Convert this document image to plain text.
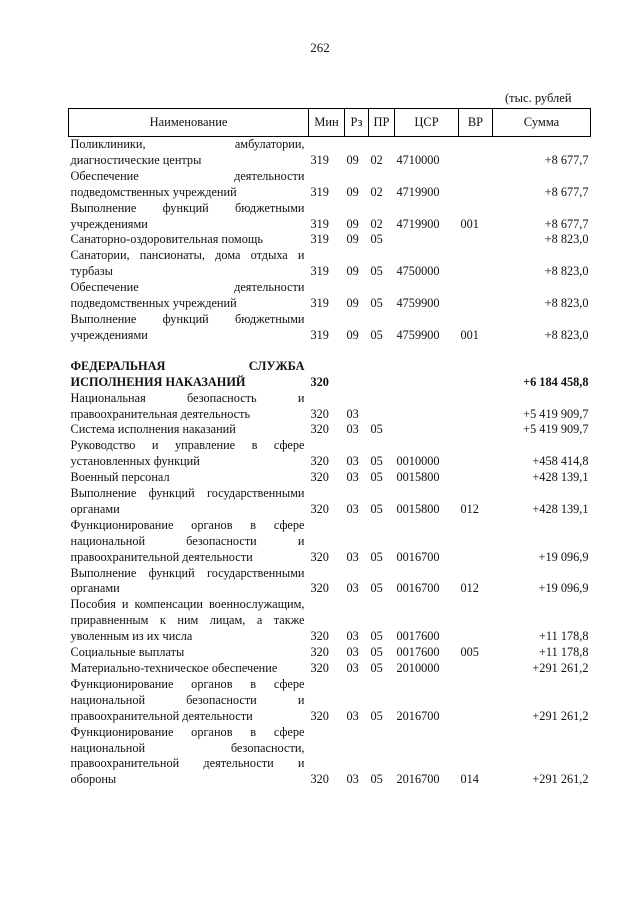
262
(тыс. рублей
Наименование	Мин	Рз	ПР	ЦСР	ВР	Сумма
Поликлиники, амбулатории, диагностические центры	319	09	02	4710000		+8 677,7
Обеспечение деятельности подведомственных учреждений	319	09	02	4719900		+8 677,7
Выполнение функций бюджетными учреждениями	319	09	02	4719900	001	+8 677,7
Санаторно-оздоровительная помощь	319	09	05			+8 823,0
Санатории, пансионаты, дома отдыха и турбазы	319	09	05	4750000		+8 823,0
Обеспечение деятельности подведомственных учреждений	319	09	05	4759900		+8 823,0
Выполнение функций бюджетными учреждениями	319	09	05	4759900	001	+8 823,0
ФЕДЕРАЛЬНАЯ СЛУЖБА ИСПОЛНЕНИЯ НАКАЗАНИЙ	320					+6 184 458,8
Национальная безопасность и правоохранительная деятельность	320	03				+5 419 909,7
Система исполнения наказаний	320	03	05			+5 419 909,7
Руководство и управление в сфере установленных функций	320	03	05	0010000		+458 414,8
Военный персонал	320	03	05	0015800		+428 139,1
Выполнение функций государственными органами	320	03	05	0015800	012	+428 139,1
Функционирование органов в сфере национальной безопасности и правоохранительной деятельности	320	03	05	0016700		+19 096,9
Выполнение функций государственными органами	320	03	05	0016700	012	+19 096,9
Пособия и компенсации военнослужащим, приравненным к ним лицам, а также уволенным из их числа	320	03	05	0017600		+11 178,8
Социальные выплаты	320	03	05	0017600	005	+11 178,8
Материально-техническое обеспечение	320	03	05	2010000		+291 261,2
Функционирование органов в сфере национальной безопасности и правоохранительной деятельности	320	03	05	2016700		+291 261,2
Функционирование органов в сфере национальной безопасности, правоохранительной деятельности и обороны	320	03	05	2016700	014	+291 261,2
